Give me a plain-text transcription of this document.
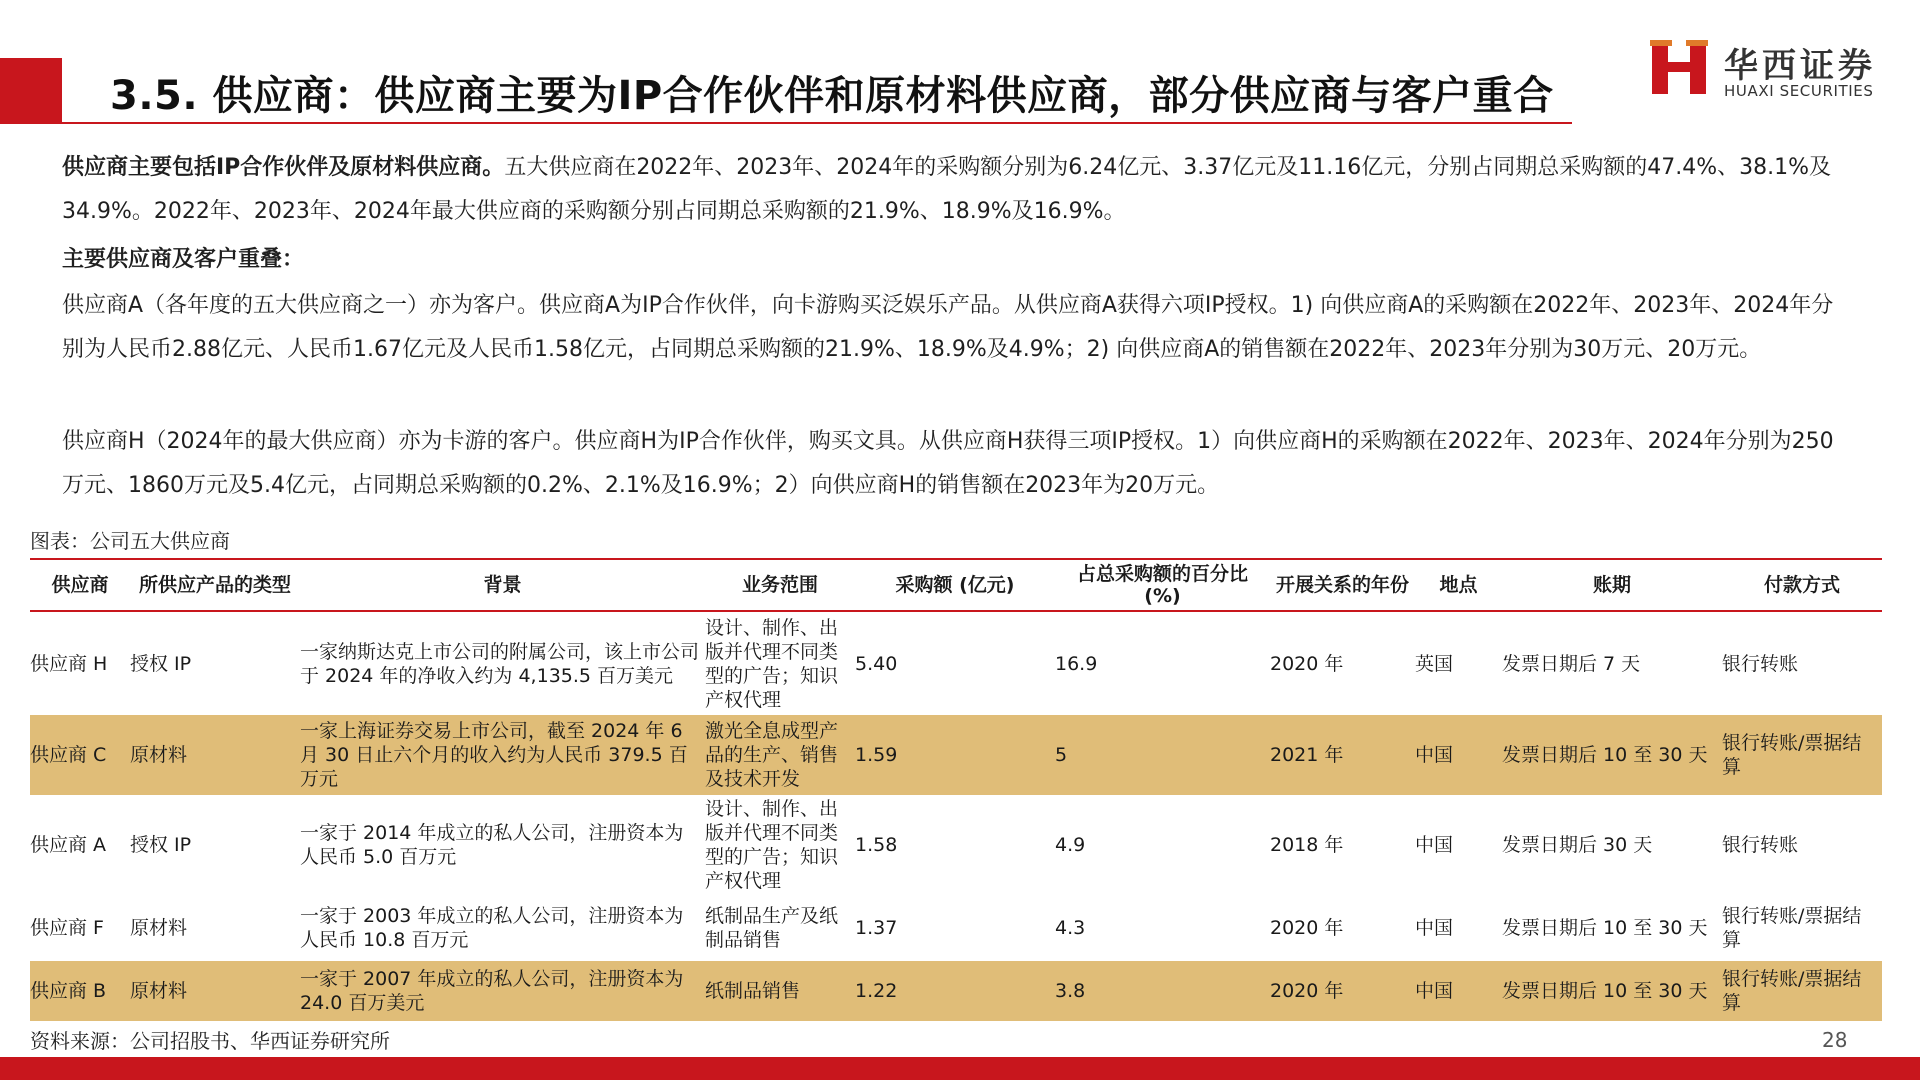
3.5. 供应商：供应商主要为IP合作伙伴和原材料供应商，部分供应商与客户重合
华西证券
HUAXI SECURITIES
供应商主要包括IP合作伙伴及原材料供应商。五大供应商在2022年、2023年、2024年的采购额分别为6.24亿元、3.37亿元及11.16亿元，分别占同期总采购额的47.4%、38.1%及34.9%。2022年、2023年、2024年最大供应商的采购额分别占同期总采购额的21.9%、18.9%及16.9%。
主要供应商及客户重叠：
供应商A（各年度的五大供应商之一）亦为客户。供应商A为IP合作伙伴，向卡游购买泛娱乐产品。从供应商A获得六项IP授权。1) 向供应商A的采购额在2022年、2023年、2024年分别为人民币2.88亿元、人民币1.67亿元及人民币1.58亿元，占同期总采购额的21.9%、18.9%及4.9%；2) 向供应商A的销售额在2022年、2023年分别为30万元、20万元。
供应商H（2024年的最大供应商）亦为卡游的客户。供应商H为IP合作伙伴，购买文具。从供应商H获得三项IP授权。1）向供应商H的采购额在2022年、2023年、2024年分别为250万元、1860万元及5.4亿元，占同期总采购额的0.2%、2.1%及16.9%；2）向供应商H的销售额在2023年为20万元。
图表：公司五大供应商
供应商	所供应产品的类型	背景	业务范围	采购额 (亿元)	占总采购额的百分比 (%)	开展关系的年份	地点	账期	付款方式
供应商 H	授权 IP	一家纳斯达克上市公司的附属公司，该上市公司于 2024 年的净收入约为 4,135.5 百万美元	设计、制作、出版并代理不同类型的广告；知识产权代理	5.40	16.9	2020 年	英国	发票日期后 7 天	银行转账
供应商 C	原材料	一家上海证券交易上市公司，截至 2024 年 6 月 30 日止六个月的收入约为人民币 379.5 百万元	激光全息成型产品的生产、销售及技术开发	1.59	5	2021 年	中国	发票日期后 10 至 30 天	银行转账/票据结算
供应商 A	授权 IP	一家于 2014 年成立的私人公司，注册资本为人民币 5.0 百万元	设计、制作、出版并代理不同类型的广告；知识产权代理	1.58	4.9	2018 年	中国	发票日期后 30 天	银行转账
供应商 F	原材料	一家于 2003 年成立的私人公司，注册资本为人民币 10.8 百万元	纸制品生产及纸制品销售	1.37	4.3	2020 年	中国	发票日期后 10 至 30 天	银行转账/票据结算
供应商 B	原材料	一家于 2007 年成立的私人公司，注册资本为 24.0 百万美元	纸制品销售	1.22	3.8	2020 年	中国	发票日期后 10 至 30 天	银行转账/票据结算
资料来源：公司招股书、华西证券研究所	28
